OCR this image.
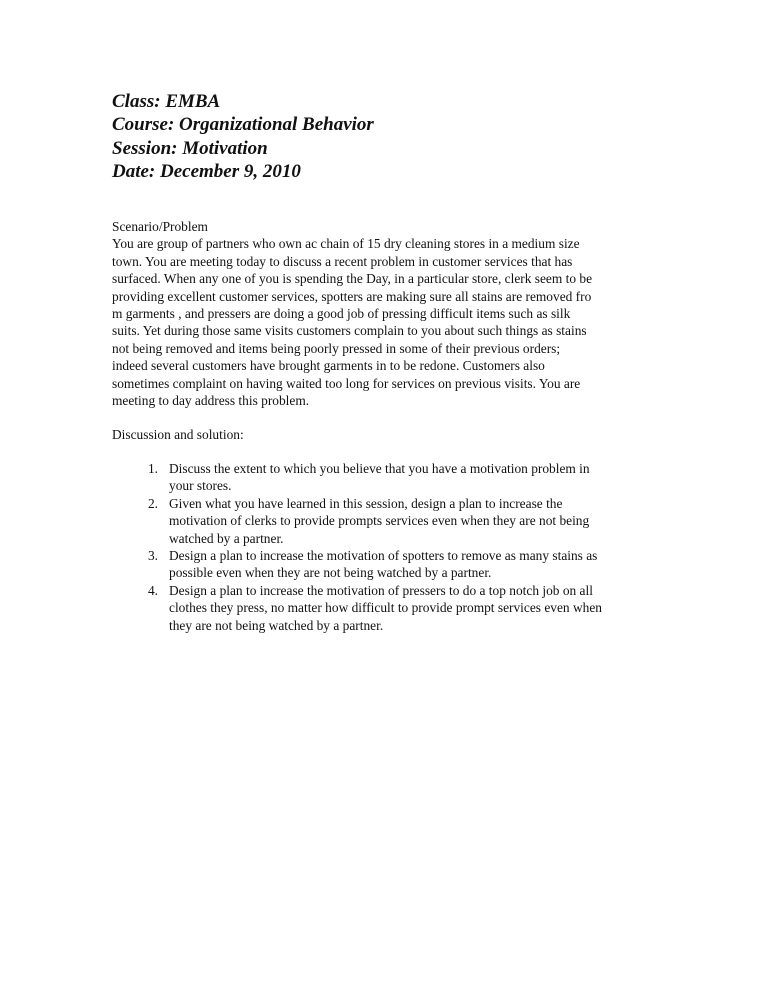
Class: EMBA
Course: Organizational Behavior
Session: Motivation
Date: December 9, 2010
Scenario/Problem
You are group of partners who own ac chain of 15 dry cleaning stores in a medium size
town. You are meeting today to discuss a recent problem in customer services that has
surfaced. When any one of you is spending the Day, in a particular store, clerk seem to be
providing excellent customer services, spotters are making sure all stains are removed fro
m garments , and pressers are doing a good job of pressing difficult items such as silk
suits. Yet during those same visits customers complain to you about such things as stains
not being removed and items being poorly pressed in some of their previous orders;
indeed several customers have brought garments in to be redone. Customers also
sometimes complaint on having waited too long for services on previous visits. You are
meeting to day address this problem.
Discussion and solution:
1. Discuss the extent to which you believe that you have a motivation problem in
your stores.
2. Given what you have learned in this session, design a plan to increase the
motivation of clerks to provide prompts services even when they are not being
watched by a partner.
3. Design a plan to increase the motivation of spotters to remove as many stains as
possible even when they are not being watched by a partner.
4. Design a plan to increase the motivation of pressers to do a top notch job on all
clothes they press, no matter how difficult to provide prompt services even when
they are not being watched by a partner.
